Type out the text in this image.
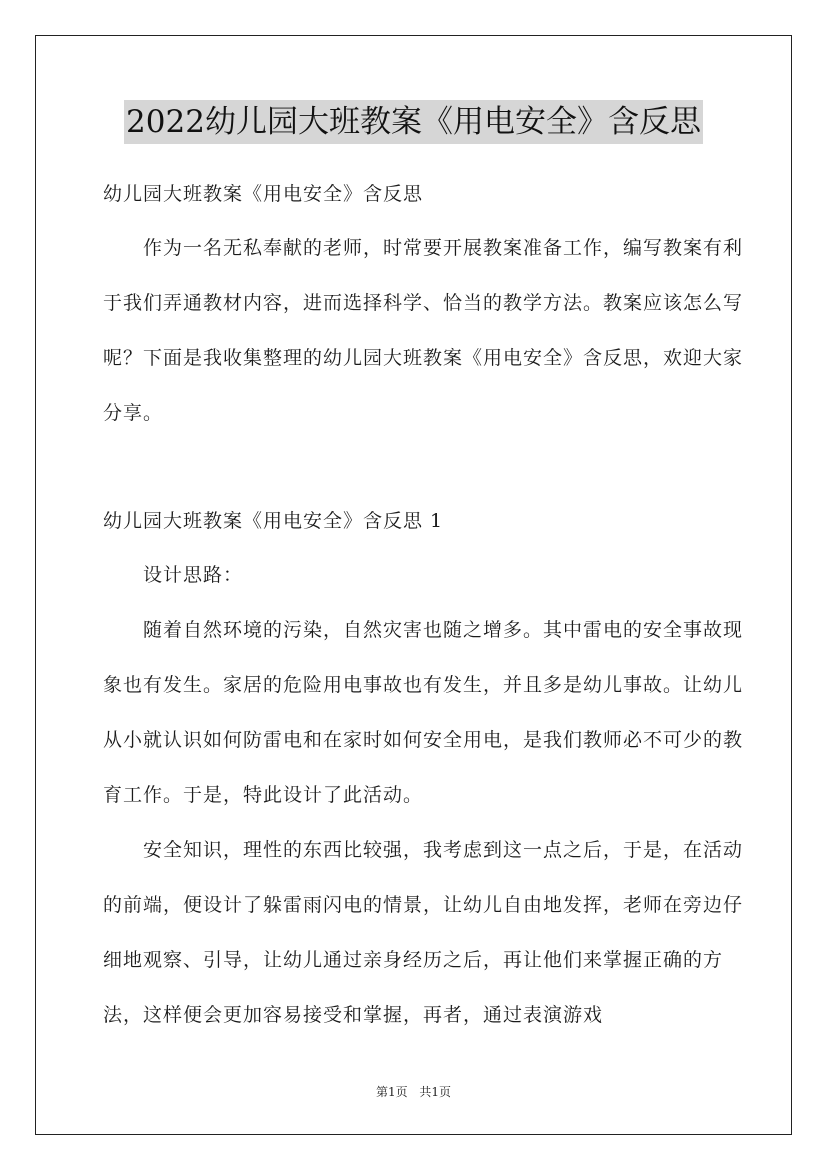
2022幼儿园大班教案《用电安全》含反思

幼儿园大班教案《用电安全》含反思

作为一名无私奉献的老师，时常要开展教案准备工作，编写教案有利于我们弄通教材内容，进而选择科学、恰当的教学方法。教案应该怎么写呢？下面是我收集整理的幼儿园大班教案《用电安全》含反思，欢迎大家分享。

幼儿园大班教案《用电安全》含反思 1

设计思路：

随着自然环境的污染，自然灾害也随之增多。其中雷电的安全事故现象也有发生。家居的危险用电事故也有发生，并且多是幼儿事故。让幼儿从小就认识如何防雷电和在家时如何安全用电，是我们教师必不可少的教育工作。于是，特此设计了此活动。

安全知识，理性的东西比较强，我考虑到这一点之后，于是，在活动的前端，便设计了躲雷雨闪电的情景，让幼儿自由地发挥，老师在旁边仔细地观察、引导，让幼儿通过亲身经历之后，再让他们来掌握正确的方法，这样便会更加容易接受和掌握，再者，通过表演游戏

第1页 共1页
